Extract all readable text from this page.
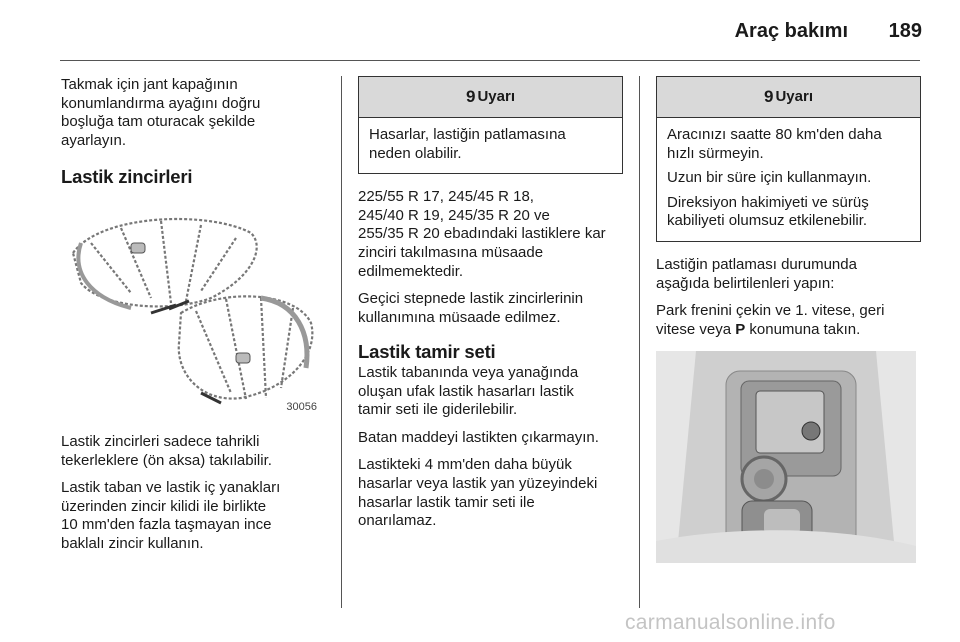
Araç bakımı 189

Takmak için jant kapağının
konumlandırma ayağını doğru
boşluğa tam oturacak şekilde
ayarlayın.

Lastik zincirleri
30056

Lastik zincirleri sadece tahrikli
tekerleklere (ön aksa) takılabilir.

Lastik taban ve lastik iç yanakları
üzerinden zincir kilidi ile birlikte
10 mm'den fazla taşmayan ince
baklalı zincir kullanın.

9 Uyarı

Hasarlar, lastiğin patlamasına
neden olabilir.

225/55 R 17, 245/45 R 18,
245/40 R 19, 245/35 R 20 ve
255/35 R 20 ebadındaki lastiklere kar
zinciri takılmasına müsaade
edilmemektedir.

Geçici stepnede lastik zincirlerinin
kullanımına müsaade edilmez.

Lastik tamir seti

Lastik tabanında veya yanağında
oluşan ufak lastik hasarları lastik
tamir seti ile giderilebilir.

Batan maddeyi lastikten çıkarmayın.

Lastikteki 4 mm'den daha büyük
hasarlar veya lastik yan yüzeyindeki
hasarlar lastik tamir seti ile
onarılamaz.

9 Uyarı

Aracınızı saatte 80 km'den daha
hızlı sürmeyin.

Uzun bir süre için kullanmayın.

Direksiyon hakimiyeti ve sürüş
kabiliyeti olumsuz etkilenebilir.

Lastiğin patlaması durumunda
aşağıda belirtilenleri yapın:

Park frenini çekin ve 1. vitese, geri
vitese veya P konumuna takın.

carmanualsonline.info
